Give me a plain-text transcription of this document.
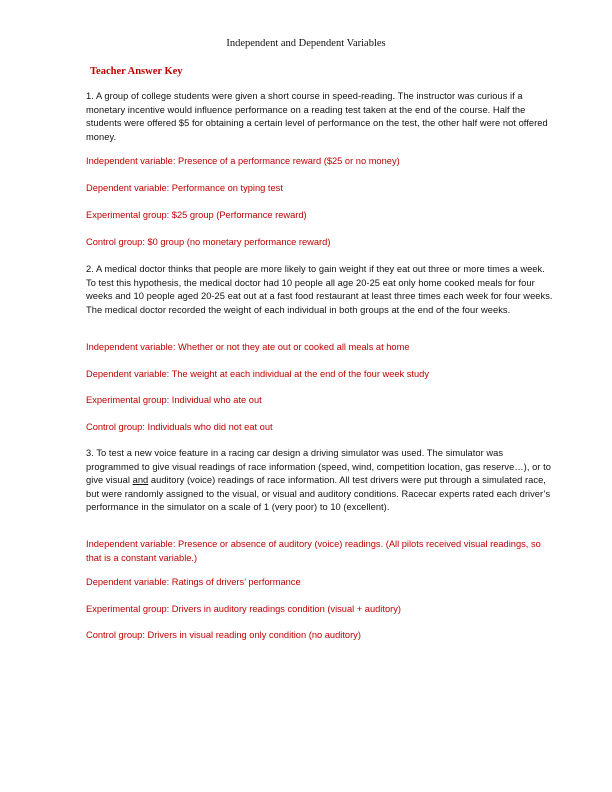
Independent and Dependent Variables
Teacher Answer Key
1. A group of college students were given a short course in speed-reading. The instructor was curious if a monetary incentive would influence performance on a reading test taken at the end of the course. Half the students were offered $5 for obtaining a certain level of performance on the test, the other half were not offered money.
Independent variable: Presence of a performance reward ($25 or no money)
Dependent variable: Performance on typing test
Experimental group: $25 group (Performance reward)
Control group: $0 group (no monetary performance reward)
2. A medical doctor thinks that people are more likely to gain weight if they eat out three or more times a week. To test this hypothesis, the medical doctor had 10 people all age 20-25 eat only home cooked meals for four weeks and 10 people aged 20-25 eat out at a fast food restaurant at least three times each week for four weeks. The medical doctor recorded the weight of each individual in both groups at the end of the four weeks.
Independent variable: Whether or not they ate out or cooked all meals at home
Dependent variable: The weight at each individual at the end of the four week study
Experimental group: Individual who ate out
Control group: Individuals who did not eat out
3. To test a new voice feature in a racing car design a driving simulator was used. The simulator was programmed to give visual readings of race information (speed, wind, competition location, gas reserve…), or to give visual and auditory (voice) readings of race information. All test drivers were put through a simulated race, but were randomly assigned to the visual, or visual and auditory conditions. Racecar experts rated each driver’s performance in the simulator on a scale of 1 (very poor) to 10 (excellent).
Independent variable: Presence or absence of auditory (voice) readings. (All pilots received visual readings, so that is a constant variable.)
Dependent variable: Ratings of drivers’ performance
Experimental group: Drivers in auditory readings condition (visual + auditory)
Control group: Drivers in visual reading only condition (no auditory)
